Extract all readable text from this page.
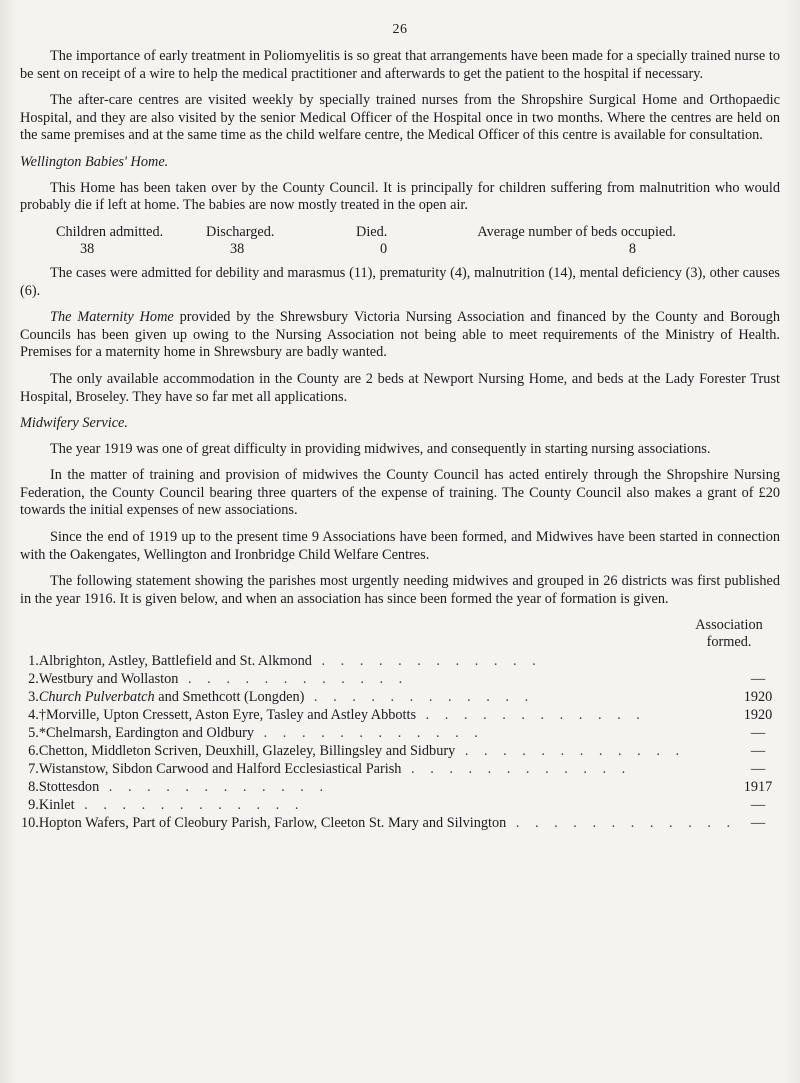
26

The importance of early treatment in Poliomyelitis is so great that arrangements have been made for a specially trained nurse to be sent on receipt of a wire to help the medical practitioner and afterwards to get the patient to the hospital if necessary.

The after-care centres are visited weekly by specially trained nurses from the Shropshire Surgical Home and Orthopaedic Hospital, and they are also visited by the senior Medical Officer of the Hospital once in two months. Where the centres are held on the same premises and at the same time as the child welfare centre, the Medical Officer of this centre is available for consultation.

Wellington Babies' Home.

This Home has been taken over by the County Council. It is principally for children suffering from malnutrition who would probably die if left at home. The babies are now mostly treated in the open air.

Children admitted.	Discharged.	Died.	Average number of beds occupied.
38	38	0	8

The cases were admitted for debility and marasmus (11), prematurity (4), malnutrition (14), mental deficiency (3), other causes (6).

The Maternity Home provided by the Shrewsbury Victoria Nursing Association and financed by the County and Borough Councils has been given up owing to the Nursing Association not being able to meet requirements of the Ministry of Health. Premises for a maternity home in Shrewsbury are badly wanted.

The only available accommodation in the County are 2 beds at Newport Nursing Home, and beds at the Lady Forester Trust Hospital, Broseley. They have so far met all applications.

Midwifery Service.

The year 1919 was one of great difficulty in providing midwives, and consequently in starting nursing associations.

In the matter of training and provision of midwives the County Council has acted entirely through the Shropshire Nursing Federation, the County Council bearing three quarters of the expense of training. The County Council also makes a grant of £20 towards the initial expenses of new associations.

Since the end of 1919 up to the present time 9 Associations have been formed, and Midwives have been started in connection with the Oakengates, Wellington and Ironbridge Child Welfare Centres.

The following statement showing the parishes most urgently needing midwives and grouped in 26 districts was first published in the year 1916. It is given below, and when an association has since been formed the year of formation is given.

Association formed.
1.	Albrighton, Astley, Battlefield and St. Alkmond . . . . . . . . . . . .	
2.	Westbury and Wollaston . . . . . . . . . . . .	—
3.	Church Pulverbatch and Smethcott (Longden) . . . . . . . . . . . .	1920
4.	†Morville, Upton Cressett, Aston Eyre, Tasley and Astley Abbotts . . . . . . . . . . . .	1920
5.	*Chelmarsh, Eardington and Oldbury . . . . . . . . . . . .	—
6.	Chetton, Middleton Scriven, Deuxhill, Glazeley, Billingsley and Sidbury . . . . . . . . . . . .	—
7.	Wistanstow, Sibdon Carwood and Halford Ecclesiastical Parish . . . . . . . . . . . .	—
8.	Stottesdon . . . . . . . . . . . .	1917
9.	Kinlet . . . . . . . . . . . .	—
10.	Hopton Wafers, Part of Cleobury Parish, Farlow, Cleeton St. Mary and Silvington . . . . . . . . . . . .	—
